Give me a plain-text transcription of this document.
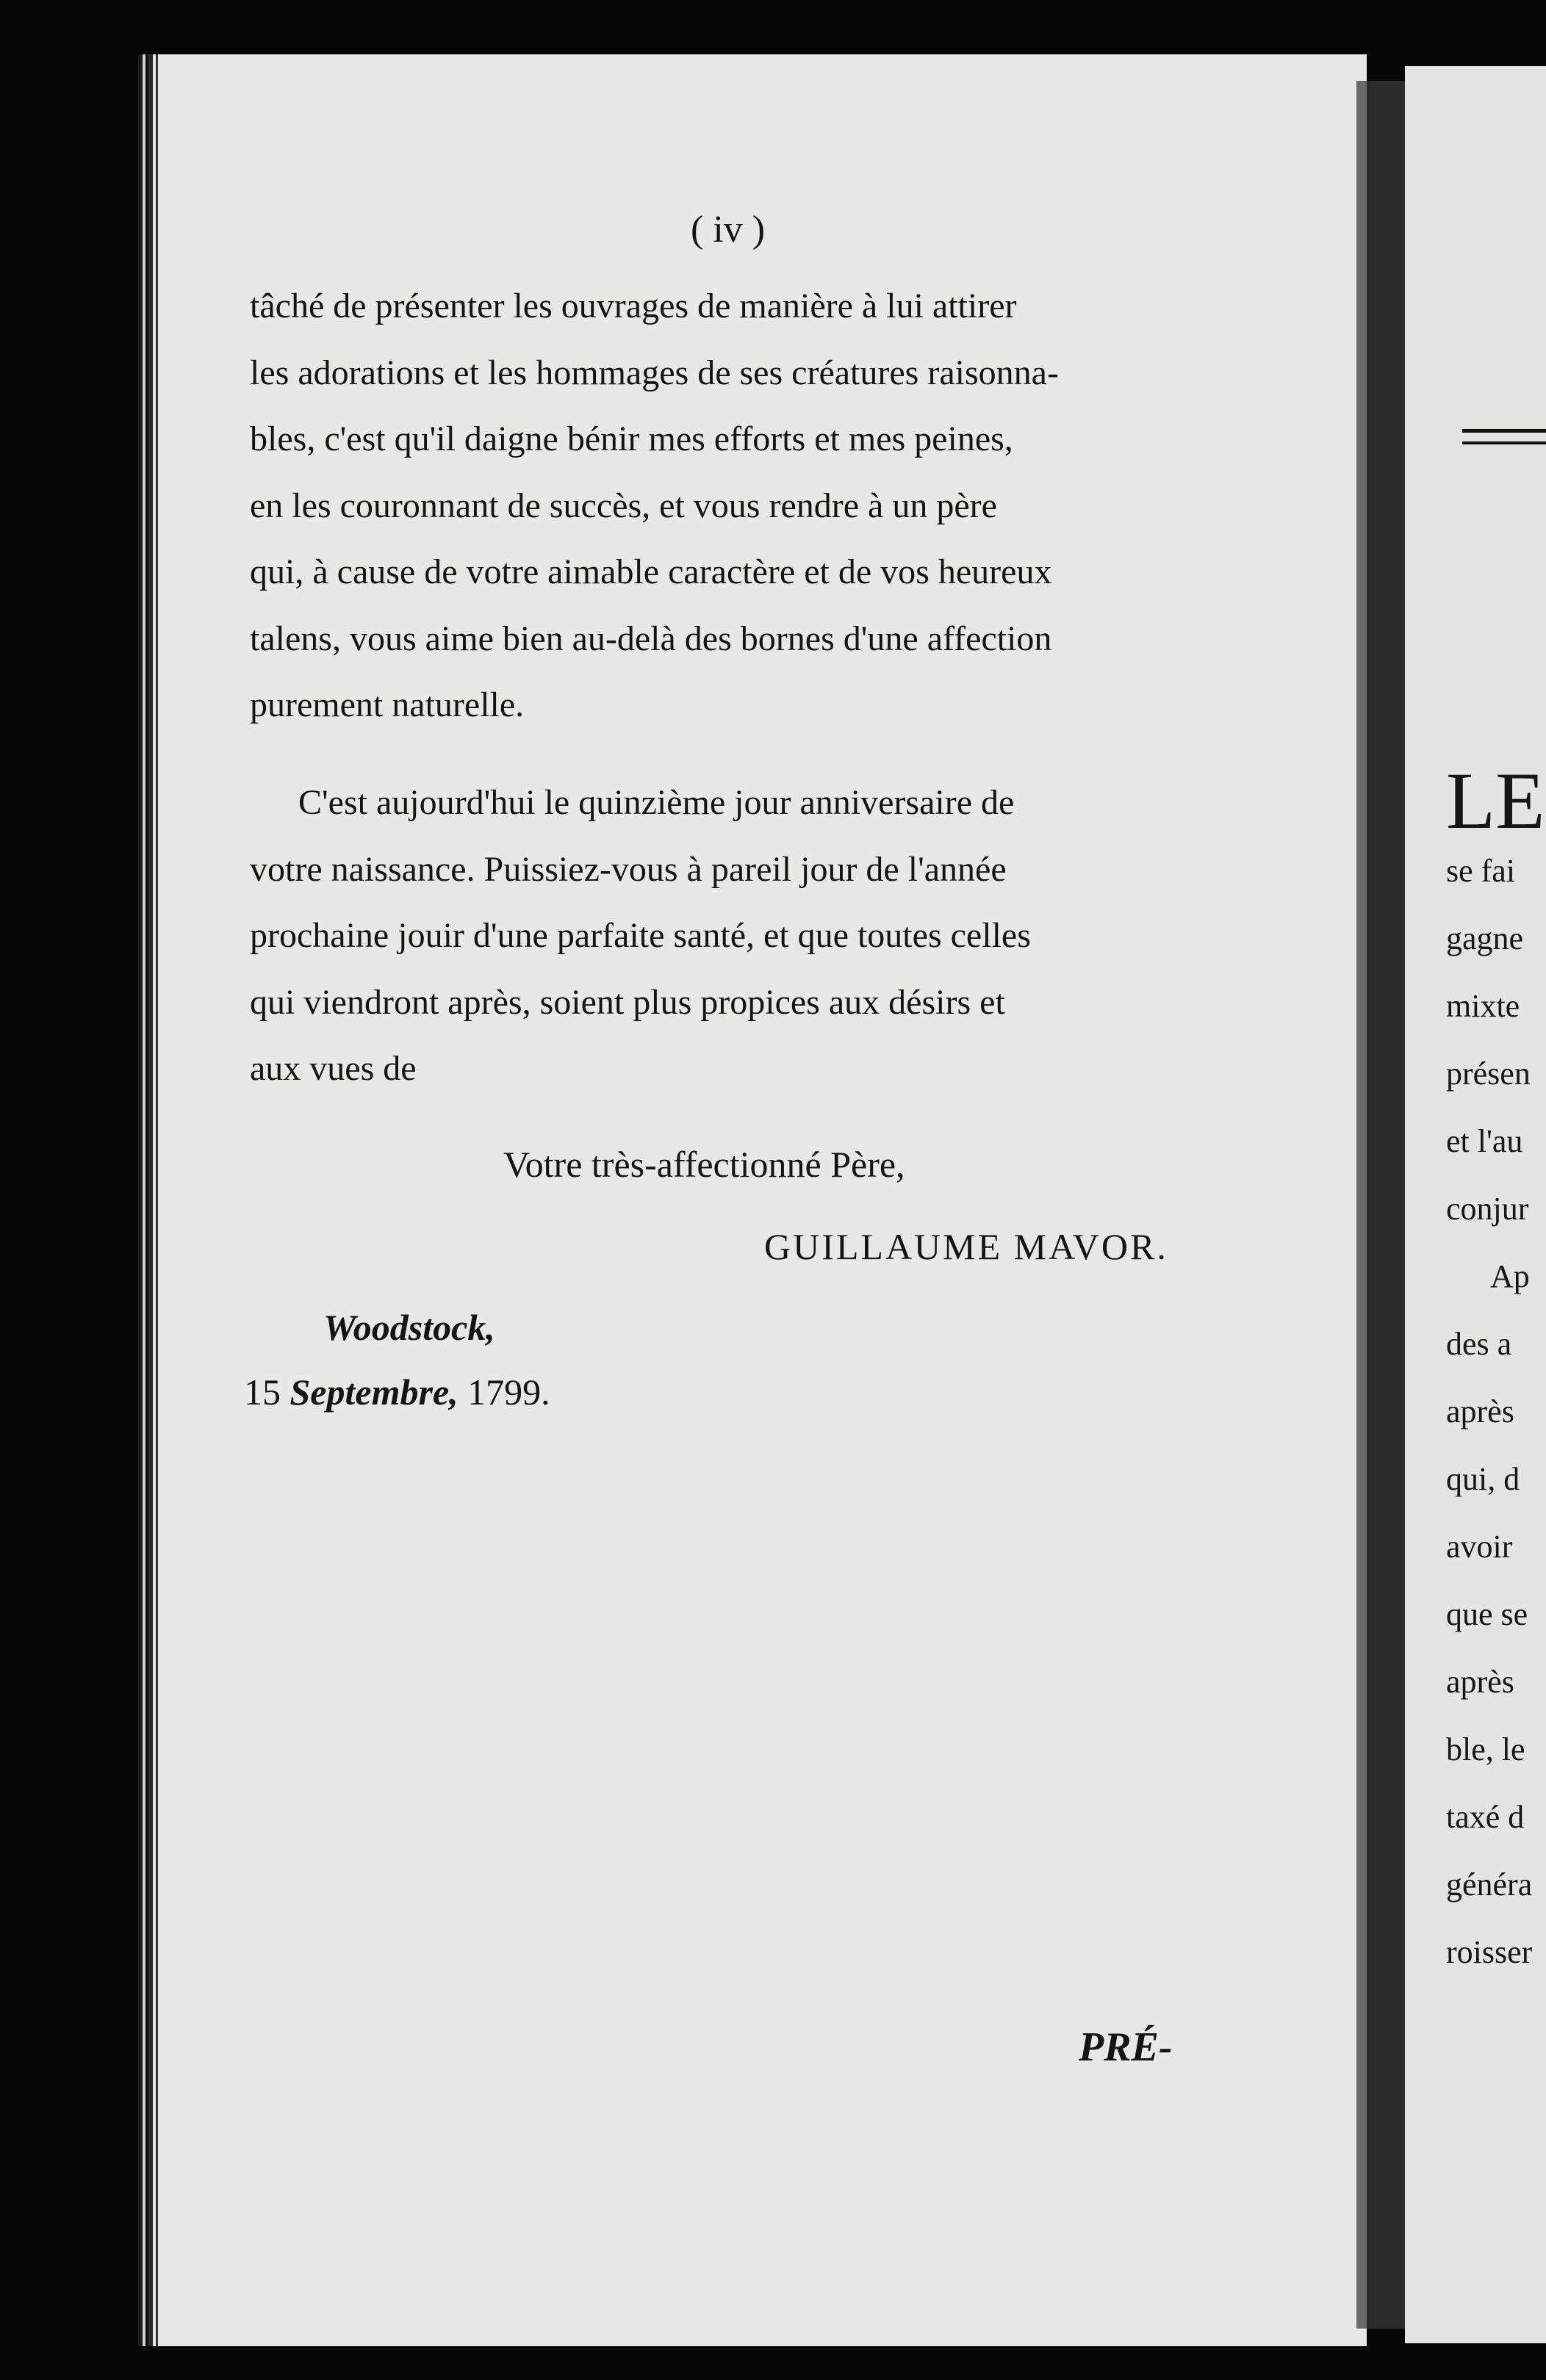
( iv )
tâché de présenter les ouvrages de manière à lui attirer
les adorations et les hommages de ses créatures raisonna-
bles, c'est qu'il daigne bénir mes efforts et mes peines,
en les couronnant de succès, et vous rendre à un père
qui, à cause de votre aimable caractère et de vos heureux
talens, vous aime bien au-delà des bornes d'une affection
purement naturelle.
C'est aujourd'hui le quinzième jour anniversaire de
votre naissance. Puissiez-vous à pareil jour de l'année
prochaine jouir d'une parfaite santé, et que toutes celles
qui viendront après, soient plus propices aux désirs et
aux vues de
Votre très-affectionné Père,
GUILLAUME MAVOR.
Woodstock,
15 Septembre, 1799.
PRÉ-
LE
se fai
gagne
mixte
présen
et l'au
conjur
Ap
des a
après
qui, d
avoir
que se
après
ble, le
taxé d
généra
roisser
